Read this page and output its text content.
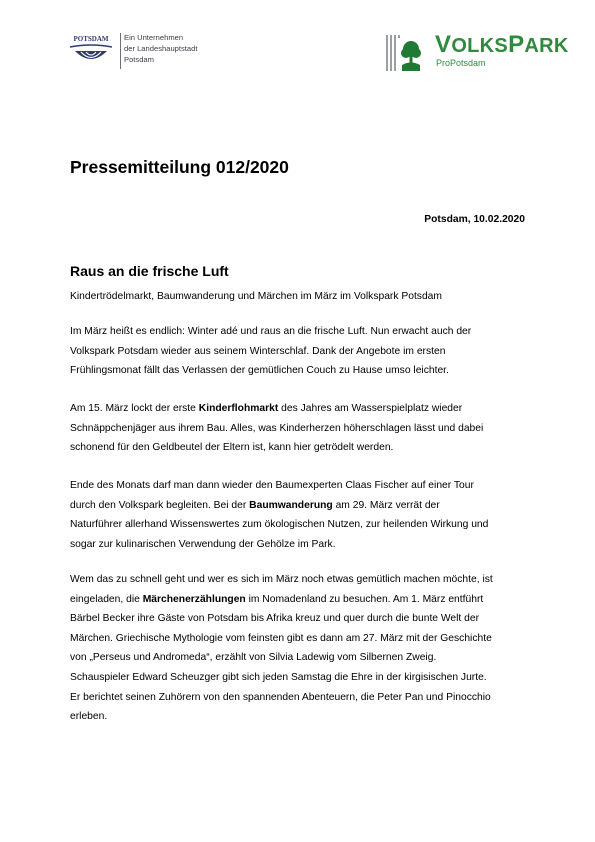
POTSDAM Ein Unternehmen
der Landeshauptstadt
Potsdam
VOLKSPARK
ProPotsdam
Pressemitteilung 012/2020
Potsdam, 10.02.2020
Raus an die frische Luft
Kindertrödelmarkt, Baumwanderung und Märchen im März im Volkspark Potsdam
Im März heißt es endlich: Winter adé und raus an die frische Luft. Nun erwacht auch der
Volkspark Potsdam wieder aus seinem Winterschlaf. Dank der Angebote im ersten
Frühlingsmonat fällt das Verlassen der gemütlichen Couch zu Hause umso leichter.
Am 15. März lockt der erste Kinderflohmarkt des Jahres am Wasserspielplatz wieder
Schnäppchenjäger aus ihrem Bau. Alles, was Kinderherzen höherschlagen lässt und dabei
schonend für den Geldbeutel der Eltern ist, kann hier getrödelt werden.
Ende des Monats darf man dann wieder den Baumexperten Claas Fischer auf einer Tour
durch den Volkspark begleiten. Bei der Baumwanderung am 29. März verrät der
Naturführer allerhand Wissenswertes zum ökologischen Nutzen, zur heilenden Wirkung und
sogar zur kulinarischen Verwendung der Gehölze im Park.
Wem das zu schnell geht und wer es sich im März noch etwas gemütlich machen möchte, ist
eingeladen, die Märchenerzählungen im Nomadenland zu besuchen. Am 1. März entführt
Bärbel Becker ihre Gäste von Potsdam bis Afrika kreuz und quer durch die bunte Welt der
Märchen. Griechische Mythologie vom feinsten gibt es dann am 27. März mit der Geschichte
von „Perseus und Andromeda“, erzählt von Silvia Ladewig vom Silbernen Zweig.
Schauspieler Edward Scheuzger gibt sich jeden Samstag die Ehre in der kirgisischen Jurte.
Er berichtet seinen Zuhörern von den spannenden Abenteuern, die Peter Pan und Pinocchio
erleben.
